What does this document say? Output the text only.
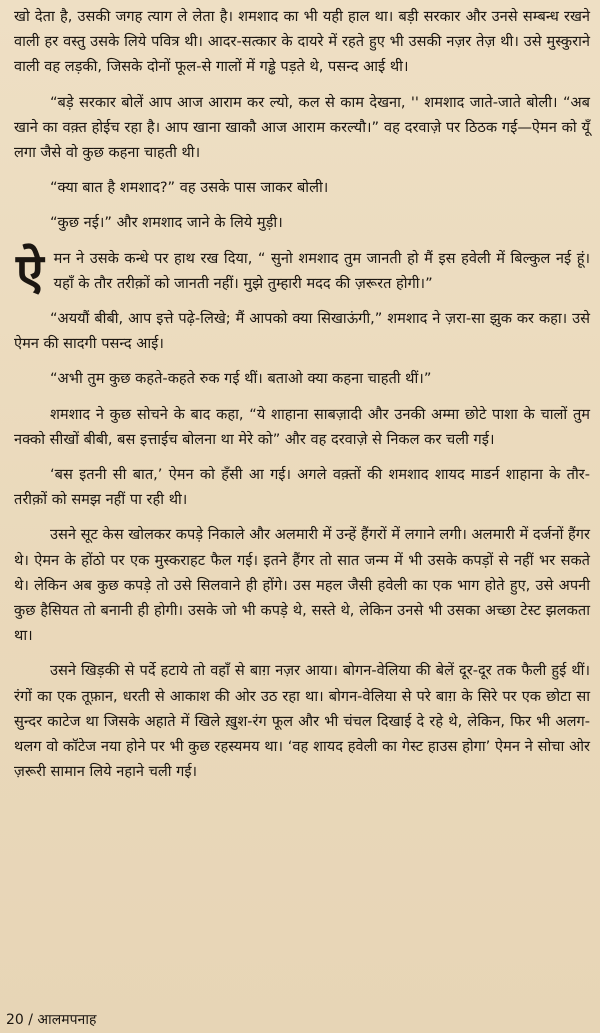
खो देता है, उसकी जगह त्याग ले लेता है। शमशाद का भी यही हाल था। बड़ी सरकार और उनसे सम्बन्ध रखने वाली हर वस्तु उसके लिये पवित्र थी। आदर-सत्कार के दायरे में रहते हुए भी उसकी नज़र तेज़ थी। उसे मुस्कुराने वाली वह लड़की, जिसके दोनों फूल-से गालों में गड्ढे पड़ते थे, पसन्द आई थी।

“बड़े सरकार बोलें आप आज आराम कर ल्यो, कल से काम देखना, '' शमशाद जाते-जाते बोली। “अब खाने का वक़्त होईच रहा है। आप खाना खाकौ आज आराम करल्यौ।” वह दरवाज़े पर ठिठक गई—ऐमन को यूँ लगा जैसे वो कुछ कहना चाहती थी।

“क्या बात है शमशाद?” वह उसके पास जाकर बोली।

“कुछ नई।” और शमशाद जाने के लिये मुड़ी।

ऐमन ने उसके कन्धे पर हाथ रख दिया, “ सुनो शमशाद तुम जानती हो मैं इस हवेली में बिल्कुल नई हूं। यहाँ के तौर तरीक़ों को जानती नहीं। मुझे तुम्हारी मदद की ज़रूरत होगी।”

“अययौं बीबी, आप इत्ते पढ़े-लिखे; मैं आपको क्या सिखाऊंगी,” शमशाद ने ज़रा-सा झुक कर कहा। उसे ऐमन की सादगी पसन्द आई।

“अभी तुम कुछ कहते-कहते रुक गई थीं। बताओ क्या कहना चाहती थीं।”

शमशाद ने कुछ सोचने के बाद कहा, “ये शाहाना साबज़ादी और उनकी अम्मा छोटे पाशा के चालों तुम नक्को सीखों बीबी, बस इत्ताईच बोलना था मेरे को” और वह दरवाज़े से निकल कर चली गई।

‘बस इतनी सी बात,’ ऐमन को हँसी आ गई। अगले वक़्तों की शमशाद शायद माडर्न शाहाना के तौर-तरीक़ों को समझ नहीं पा रही थी।

उसने सूट केस खोलकर कपड़े निकाले और अलमारी में उन्हें हैंगरों में लगाने लगी। अलमारी में दर्जनों हैंगर थे। ऐमन के होंठो पर एक मुस्कराहट फैल गई। इतने हैंगर तो सात जन्म में भी उसके कपड़ों से नहीं भर सकते थे। लेकिन अब कुछ कपड़े तो उसे सिलवाने ही होंगे। उस महल जैसी हवेली का एक भाग होते हुए, उसे अपनी कुछ हैसियत तो बनानी ही होगी। उसके जो भी कपड़े थे, सस्ते थे, लेकिन उनसे भी उसका अच्छा टेस्ट झलकता था।

उसने खिड़की से पर्दे हटाये तो वहाँ से बाग़ नज़र आया। बोगन-वेलिया की बेलें दूर-दूर तक फैली हुई थीं। रंगों का एक तूफ़ान, धरती से आकाश की ओर उठ रहा था। बोगन-वेलिया से परे बाग़ के सिरे पर एक छोटा सा सुन्दर काटेज था जिसके अहाते में खिले ख़ुश-रंग फूल और भी चंचल दिखाई दे रहे थे, लेकिन, फिर भी अलग-थलग वो कॉटेज नया होने पर भी कुछ रहस्यमय था। ‘वह शायद हवेली का गेस्ट हाउस होगा’ ऐमन ने सोचा ओर ज़रूरी सामान लिये नहाने चली गई।

20 / आलमपनाह
